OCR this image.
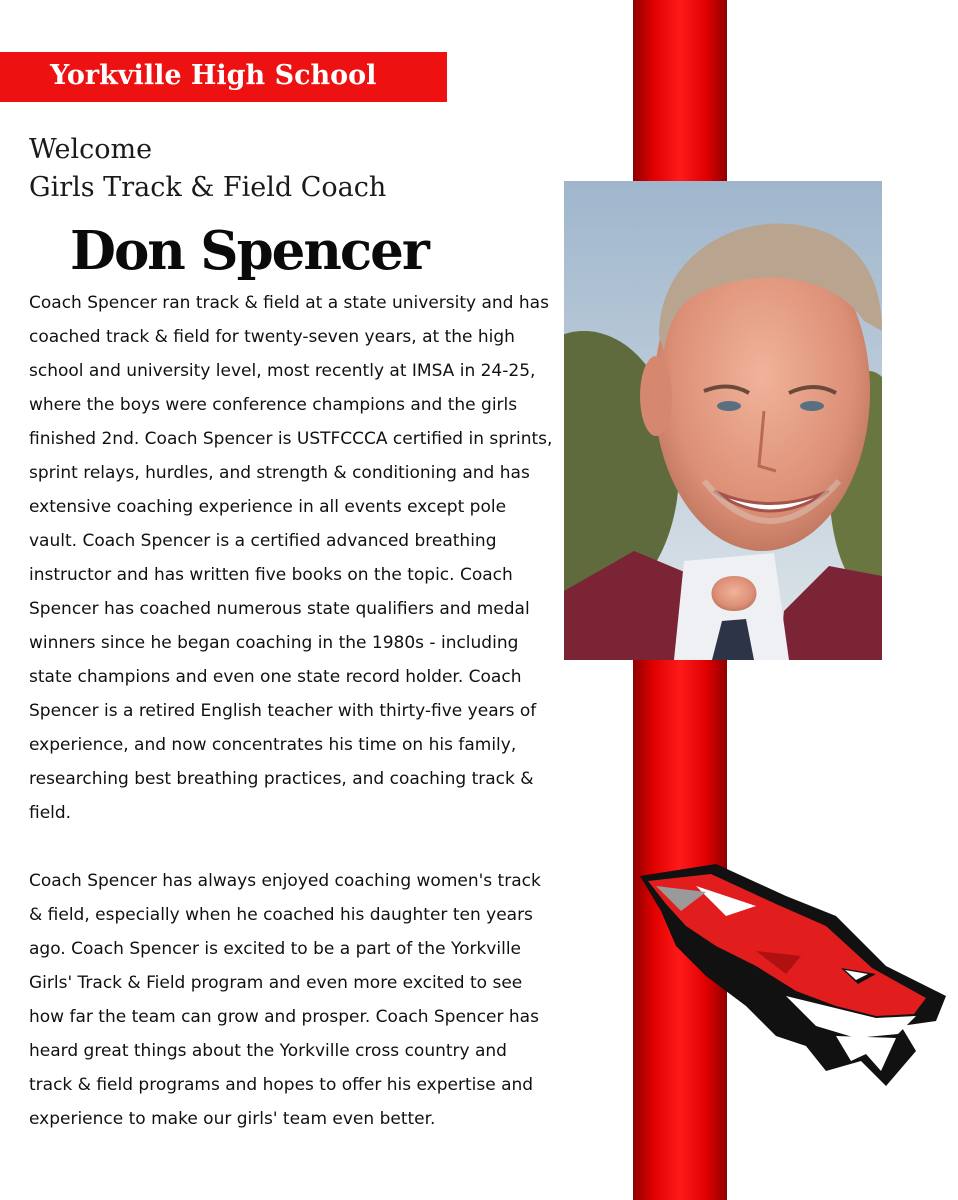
Yorkville High School
Welcome
Girls Track & Field Coach
Don Spencer

Coach Spencer ran track & field at a state university and has coached track & field for twenty-seven years, at the high school and university level, most recently at IMSA in 24-25, where the boys were conference champions and the girls finished 2nd. Coach Spencer is USTFCCCA certified in sprints, sprint relays, hurdles, and strength & conditioning and has extensive coaching experience in all events except pole vault. Coach Spencer is a certified advanced breathing instructor and has written five books on the topic. Coach Spencer has coached numerous state qualifiers and medal winners since he began coaching in the 1980s - including state champions and even one state record holder. Coach Spencer is a retired English teacher with thirty-five years of experience, and now concentrates his time on his family, researching best breathing practices, and coaching track & field.

Coach Spencer has always enjoyed coaching women's track & field, especially when he coached his daughter ten years ago. Coach Spencer is excited to be a part of the Yorkville Girls' Track & Field program and even more excited to see how far the team can grow and prosper. Coach Spencer has heard great things about the Yorkville cross country and track & field programs and hopes to offer his expertise and experience to make our girls' team even better.
